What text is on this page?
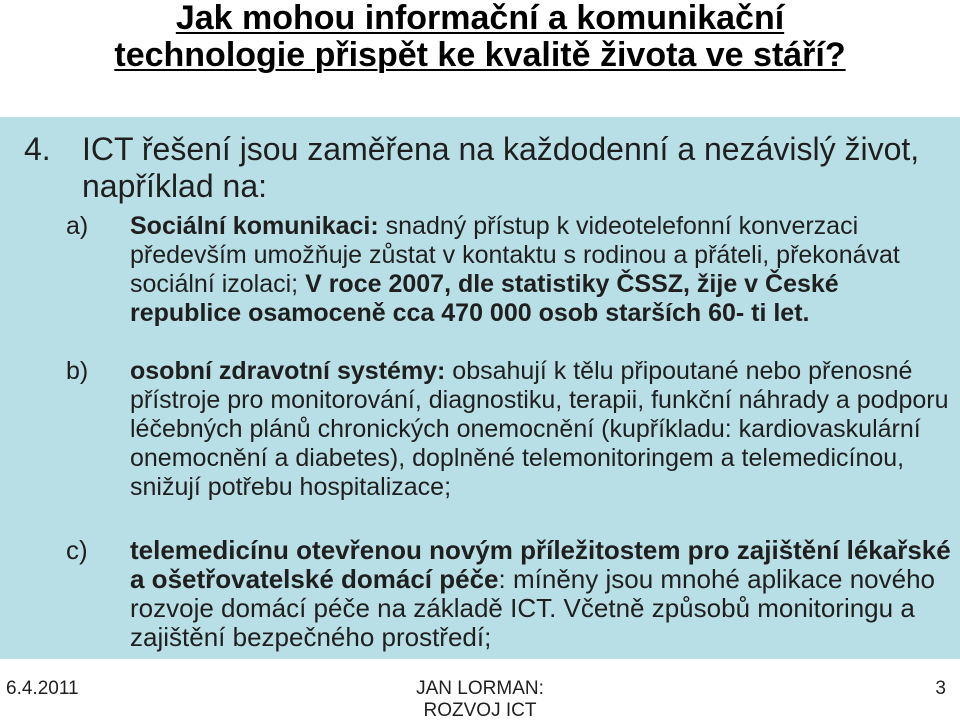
Jak mohou informační a komunikační
technologie přispět ke kvalitě života ve stáří?
4. ICT řešení jsou zaměřena na každodenní a nezávislý život, například na:
a) Sociální komunikaci: snadný přístup k videotelefonní konverzaci především umožňuje zůstat v kontaktu s rodinou a přáteli, překonávat sociální izolaci; V roce 2007, dle statistiky ČSSZ, žije v České republice osamoceně cca 470 000 osob starších 60- ti let.
b) osobní zdravotní systémy: obsahují k tělu připoutané nebo přenosné přístroje pro monitorování, diagnostiku, terapii, funkční náhrady a podporu léčebných plánů chronických onemocnění (kupříkladu: kardiovaskulární onemocnění a diabetes), doplněné telemonitoringem a telemedicínou, snižují potřebu hospitalizace;
c) telemedicínu otevřenou novým příležitostem pro zajištění lékařské a ošetřovatelské domácí péče: míněny jsou mnohé aplikace nového rozvoje domácí péče na základě ICT. Včetně způsobů monitoringu a zajištění bezpečného prostředí;
6.4.2011	JAN LORMAN:
ROZVOJ ICT
3
